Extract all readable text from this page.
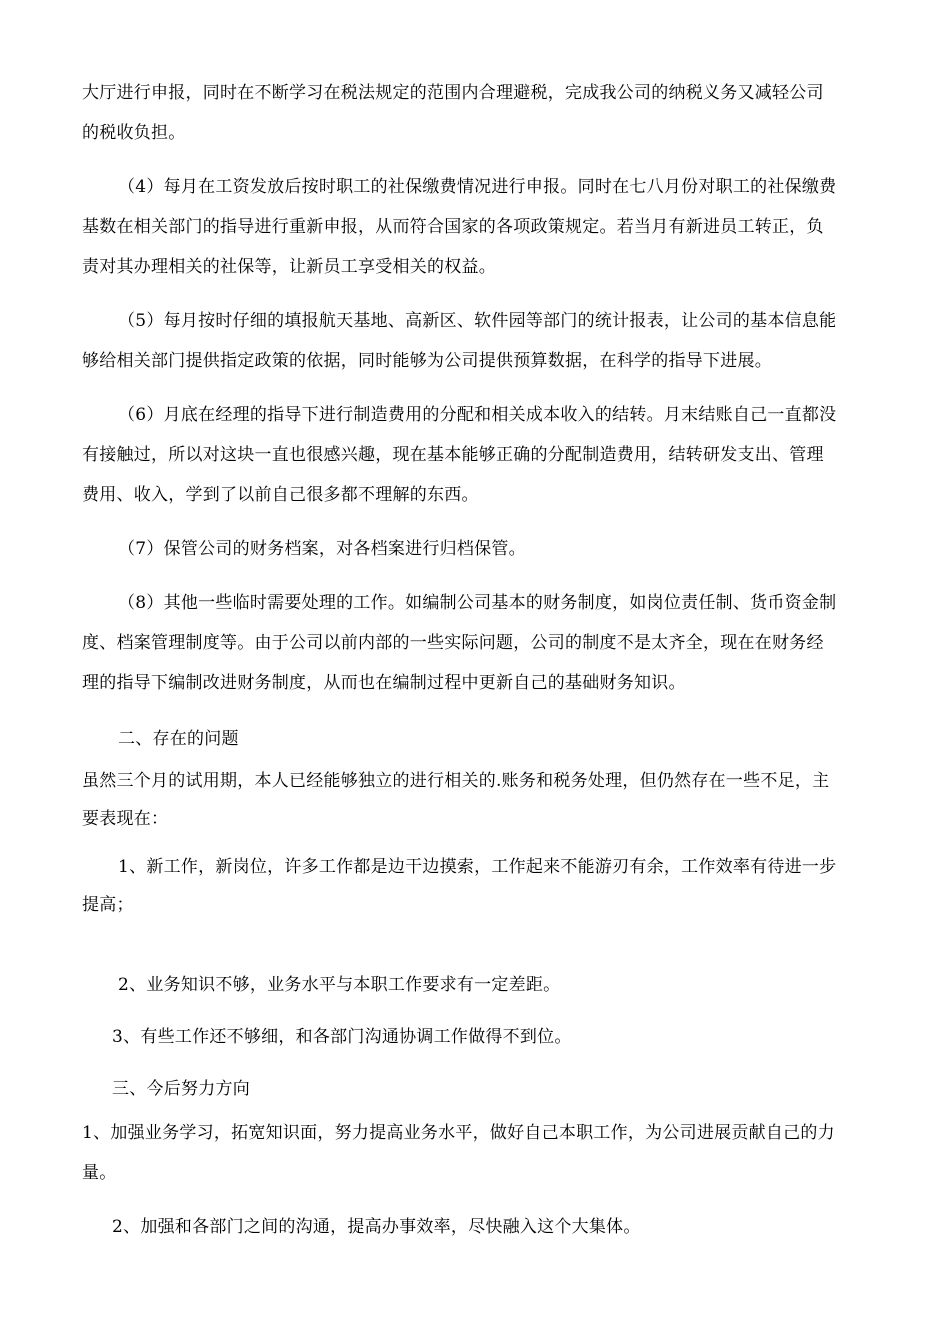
大厅进行申报，同时在不断学习在税法规定的范围内合理避税，完成我公司的纳税义务又减轻公司
的税收负担。
（4）每月在工资发放后按时职工的社保缴费情况进行申报。同时在七八月份对职工的社保缴费
基数在相关部门的指导进行重新申报，从而符合国家的各项政策规定。若当月有新进员工转正，负
责对其办理相关的社保等，让新员工享受相关的权益。
（5）每月按时仔细的填报航天基地、高新区、软件园等部门的统计报表，让公司的基本信息能
够给相关部门提供指定政策的依据，同时能够为公司提供预算数据，在科学的指导下进展。
（6）月底在经理的指导下进行制造费用的分配和相关成本收入的结转。月末结账自己一直都没
有接触过，所以对这块一直也很感兴趣，现在基本能够正确的分配制造费用，结转研发支出、管理
费用、收入，学到了以前自己很多都不理解的东西。
（7）保管公司的财务档案，对各档案进行归档保管。
（8）其他一些临时需要处理的工作。如编制公司基本的财务制度，如岗位责任制、货币资金制
度、档案管理制度等。由于公司以前内部的一些实际问题，公司的制度不是太齐全，现在在财务经
理的指导下编制改进财务制度，从而也在编制过程中更新自己的基础财务知识。
二、存在的问题
虽然三个月的试用期，本人已经能够独立的进行相关的.账务和税务处理，但仍然存在一些不足，主
要表现在：
1、新工作，新岗位，许多工作都是边干边摸索，工作起来不能游刃有余，工作效率有待进一步
提高；
2、业务知识不够，业务水平与本职工作要求有一定差距。
3、有些工作还不够细，和各部门沟通协调工作做得不到位。
三、今后努力方向
1、加强业务学习，拓宽知识面，努力提高业务水平，做好自己本职工作，为公司进展贡献自己的力
量。
2、加强和各部门之间的沟通，提高办事效率，尽快融入这个大集体。
